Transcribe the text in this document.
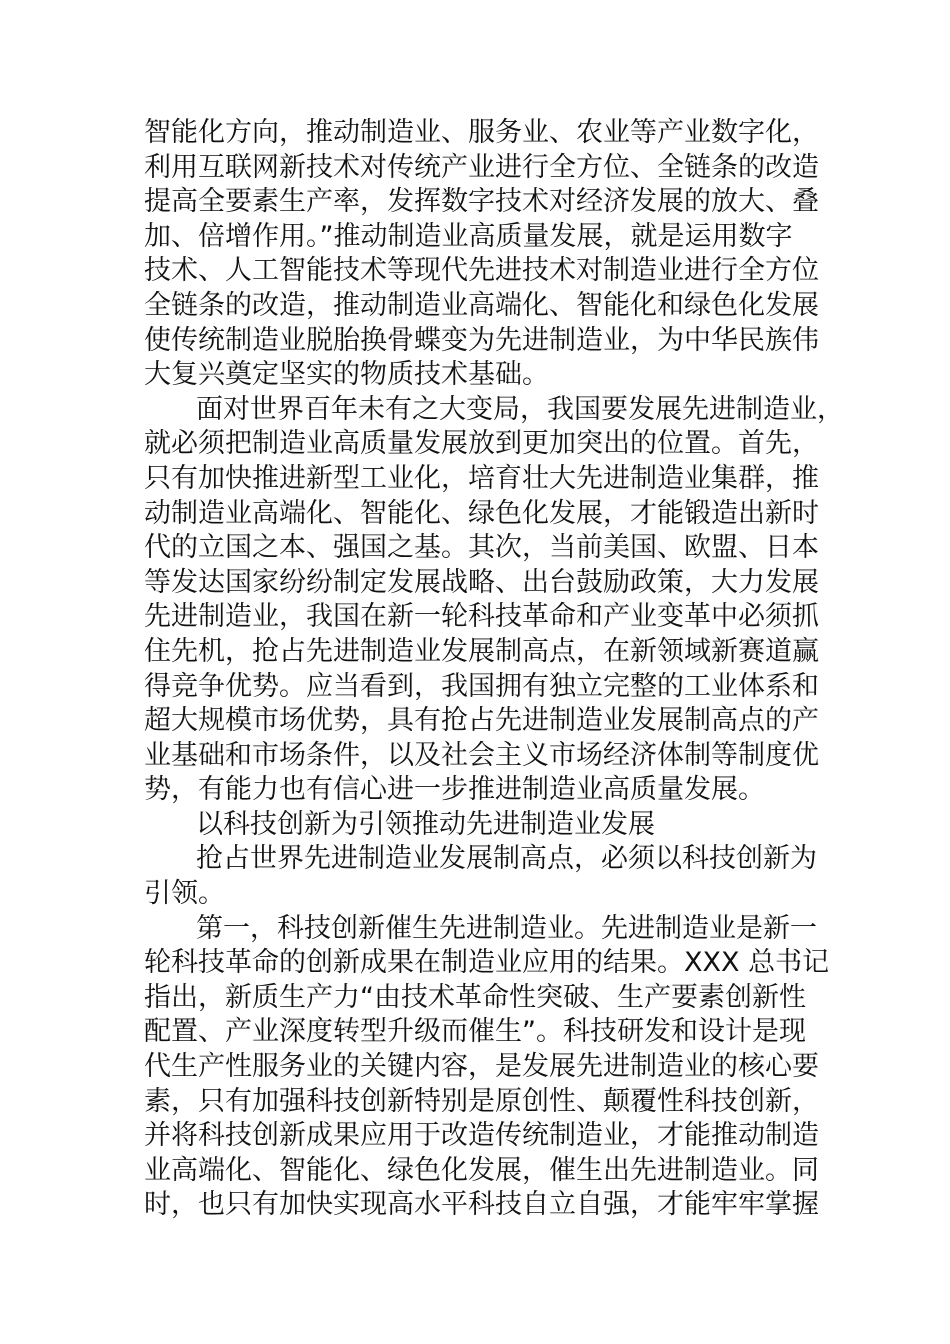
智能化方向，推动制造业、服务业、农业等产业数字化，
利用互联网新技术对传统产业进行全方位、全链条的改造
提高全要素生产率，发挥数字技术对经济发展的放大、叠
加、倍增作用。”推动制造业高质量发展，就是运用数字
技术、人工智能技术等现代先进技术对制造业进行全方位
全链条的改造，推动制造业高端化、智能化和绿色化发展
使传统制造业脱胎换骨蝶变为先进制造业，为中华民族伟
大复兴奠定坚实的物质技术基础。
面对世界百年未有之大变局，我国要发展先进制造业，
就必须把制造业高质量发展放到更加突出的位置。首先，
只有加快推进新型工业化，培育壮大先进制造业集群，推
动制造业高端化、智能化、绿色化发展，才能锻造出新时
代的立国之本、强国之基。其次，当前美国、欧盟、日本
等发达国家纷纷制定发展战略、出台鼓励政策，大力发展
先进制造业，我国在新一轮科技革命和产业变革中必须抓
住先机，抢占先进制造业发展制高点，在新领域新赛道赢
得竞争优势。应当看到，我国拥有独立完整的工业体系和
超大规模市场优势，具有抢占先进制造业发展制高点的产
业基础和市场条件，以及社会主义市场经济体制等制度优
势，有能力也有信心进一步推进制造业高质量发展。
以科技创新为引领推动先进制造业发展
抢占世界先进制造业发展制高点，必须以科技创新为
引领。
第一，科技创新催生先进制造业。先进制造业是新一
轮科技革命的创新成果在制造业应用的结果。XXX 总书记
指出，新质生产力“由技术革命性突破、生产要素创新性
配置、产业深度转型升级而催生”。科技研发和设计是现
代生产性服务业的关键内容，是发展先进制造业的核心要
素，只有加强科技创新特别是原创性、颠覆性科技创新，
并将科技创新成果应用于改造传统制造业，才能推动制造
业高端化、智能化、绿色化发展，催生出先进制造业。同
时，也只有加快实现高水平科技自立自强，才能牢牢掌握
